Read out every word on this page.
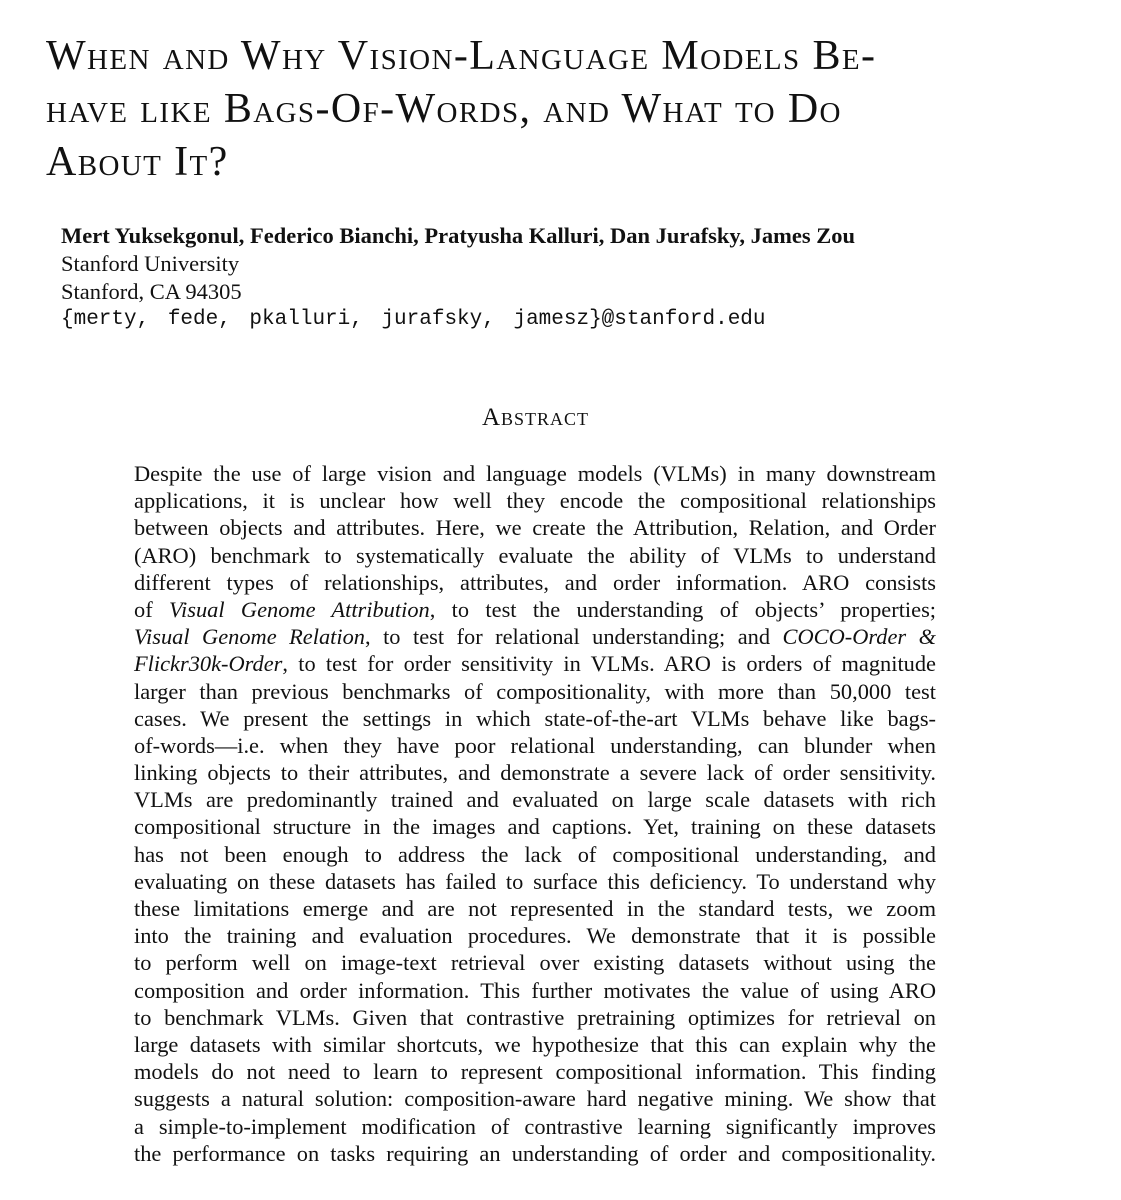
When and Why Vision-Language Models Be-
have like Bags-Of-Words, and What to Do
About It?
Mert Yuksekgonul, Federico Bianchi, Pratyusha Kalluri, Dan Jurafsky, James Zou
Stanford University
Stanford, CA 94305
{merty, fede, pkalluri, jurafsky, jamesz}@stanford.edu
Abstract
Despite the use of large vision and language models (VLMs) in many downstream
applications, it is unclear how well they encode the compositional relationships
between objects and attributes. Here, we create the Attribution, Relation, and Order
(ARO) benchmark to systematically evaluate the ability of VLMs to understand
different types of relationships, attributes, and order information. ARO consists
of Visual Genome Attribution, to test the understanding of objects’ properties;
Visual Genome Relation, to test for relational understanding; and COCO-Order &
Flickr30k-Order, to test for order sensitivity in VLMs. ARO is orders of magnitude
larger than previous benchmarks of compositionality, with more than 50,000 test
cases. We present the settings in which state-of-the-art VLMs behave like bags-
of-words—i.e. when they have poor relational understanding, can blunder when
linking objects to their attributes, and demonstrate a severe lack of order sensitivity.
VLMs are predominantly trained and evaluated on large scale datasets with rich
compositional structure in the images and captions. Yet, training on these datasets
has not been enough to address the lack of compositional understanding, and
evaluating on these datasets has failed to surface this deficiency. To understand why
these limitations emerge and are not represented in the standard tests, we zoom
into the training and evaluation procedures. We demonstrate that it is possible
to perform well on image-text retrieval over existing datasets without using the
composition and order information. This further motivates the value of using ARO
to benchmark VLMs. Given that contrastive pretraining optimizes for retrieval on
large datasets with similar shortcuts, we hypothesize that this can explain why the
models do not need to learn to represent compositional information. This finding
suggests a natural solution: composition-aware hard negative mining. We show that
a simple-to-implement modification of contrastive learning significantly improves
the performance on tasks requiring an understanding of order and compositionality.
